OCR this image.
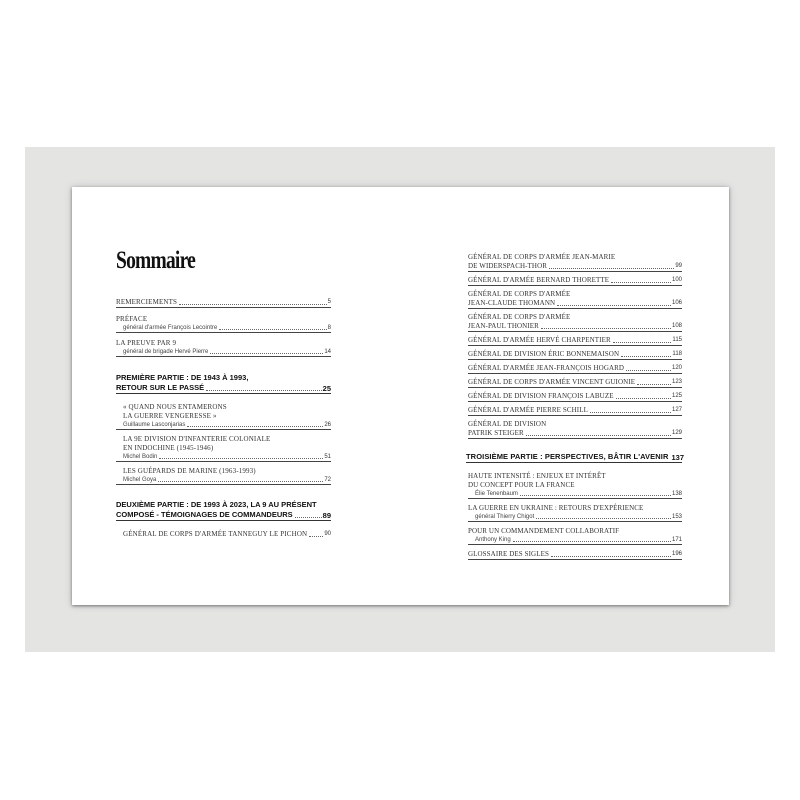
Sommaire
REMERCIEMENTS	5
PRÉFACE
général d'armée François Lecointre	8
LA PREUVE PAR 9
général de brigade Hervé Pierre	14
PREMIÈRE PARTIE : DE 1943 À 1993,
RETOUR SUR LE PASSÉ	25
« QUAND NOUS ENTAMERONS
LA GUERRE VENGERESSE »
Guillaume Lasconjarias	26
LA 9E DIVISION D'INFANTERIE COLONIALE
EN INDOCHINE (1945-1946)
Michel Bodin	51
LES GUÉPARDS DE MARINE (1963-1993)
Michel Goya	72
DEUXIÈME PARTIE : DE 1993 À 2023, LA 9 AU PRÉSENT
COMPOSÉ - TÉMOIGNAGES DE COMMANDEURS	89
GÉNÉRAL DE CORPS D'ARMÉE TANNEGUY LE PICHON	90
GÉNÉRAL DE CORPS D'ARMÉE JEAN-MARIE
DE WIDERSPACH-THOR	99
GÉNÉRAL D'ARMÉE BERNARD THORETTE	100
GÉNÉRAL DE CORPS D'ARMÉE
JEAN-CLAUDE THOMANN	106
GÉNÉRAL DE CORPS D'ARMÉE
JEAN-PAUL THONIER	108
GÉNÉRAL D'ARMÉE HERVÉ CHARPENTIER	115
GÉNÉRAL DE DIVISION ÉRIC BONNEMAISON	118
GÉNÉRAL D'ARMÉE JEAN-FRANÇOIS HOGARD	120
GÉNÉRAL DE CORPS D'ARMÉE VINCENT GUIONIE	123
GÉNÉRAL DE DIVISION FRANÇOIS LABUZE	125
GÉNÉRAL D'ARMÉE PIERRE SCHILL	127
GÉNÉRAL DE DIVISION
PATRIK STEIGER	129
TROISIÈME PARTIE : PERSPECTIVES, BÂTIR L'AVENIR 137
HAUTE INTENSITÉ : ENJEUX ET INTÉRÊT
DU CONCEPT POUR LA FRANCE
Élie Tenenbaum	138
LA GUERRE EN UKRAINE : RETOURS D'EXPÉRIENCE
général Thierry Chigot	153
POUR UN COMMANDEMENT COLLABORATIF
Anthony King	171
GLOSSAIRE DES SIGLES	196
